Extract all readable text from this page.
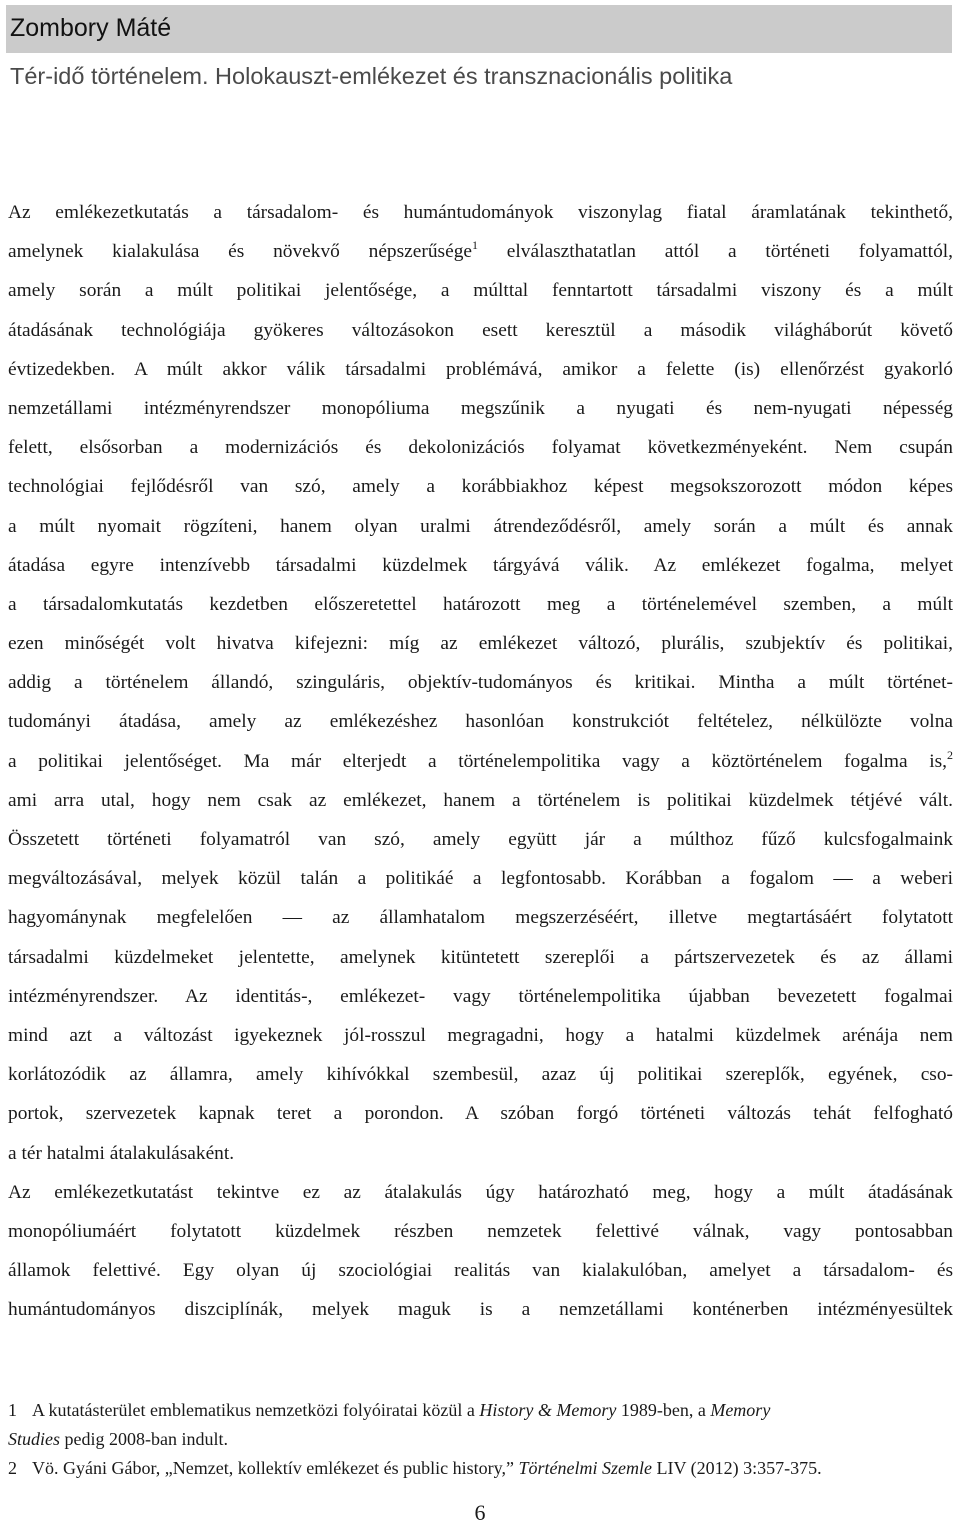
Zombory Máté
Tér-idő történelem. Holokauszt-emlékezet és transznacionális politika
Az emlékezetkutatás a társadalom- és humántudományok viszonylag fiatal áramlatának tekinthető,
amelynek kialakulása és növekvő népszerűsége$^1$ elválaszthatatlan attól a történeti folyamattól,
amely során a múlt politikai jelentősége, a múlttal fenntartott társadalmi viszony és a múlt
átadásának technológiája gyökeres változásokon esett keresztül a második világháborút követő
évtizedekben. A múlt akkor válik társadalmi problémává, amikor a felette (is) ellenőrzést gyakorló
nemzetállami intézményrendszer monopóliuma megszűnik a nyugati és nem-nyugati népesség
felett, elsősorban a modernizációs és dekolonizációs folyamat következményeként. Nem csupán
technológiai fejlődésről van szó, amely a korábbiakhoz képest megsokszorozott módon képes
a múlt nyomait rögzíteni, hanem olyan uralmi átrendeződésről, amely során a múlt és annak
átadása egyre intenzívebb társadalmi küzdelmek tárgyává válik. Az emlékezet fogalma, melyet
a társadalomkutatás kezdetben előszeretettel határozott meg a történelemével szemben, a múlt
ezen minőségét volt hivatva kifejezni: míg az emlékezet változó, plurális, szubjektív és politikai,
addig a történelem állandó, szinguláris, objektív-tudományos és kritikai. Mintha a múlt történet-
tudományi átadása, amely az emlékezéshez hasonlóan konstrukciót feltételez, nélkülözte volna
a politikai jelentőséget. Ma már elterjedt a történelempolitika vagy a köztörténelem fogalma is,$^2$
ami arra utal, hogy nem csak az emlékezet, hanem a történelem is politikai küzdelmek tétjévé vált.
Összetett történeti folyamatról van szó, amely együtt jár a múlthoz fűző kulcsfogalmaink
megváltozásával, melyek közül talán a politikáé a legfontosabb. Korábban a fogalom — a weberi
hagyománynak megfelelően — az államhatalom megszerzéséért, illetve megtartásáért folytatott
társadalmi küzdelmeket jelentette, amelynek kitüntetett szereplői a pártszervezetek és az állami
intézményrendszer. Az identitás-, emlékezet- vagy történelempolitika újabban bevezetett fogalmai
mind azt a változást igyekeznek jól-rosszul megragadni, hogy a hatalmi küzdelmek arénája nem
korlátozódik az államra, amely kihívókkal szembesül, azaz új politikai szereplők, egyének, cso-
portok, szervezetek kapnak teret a porondon. A szóban forgó történeti változás tehát felfogható
a tér hatalmi átalakulásaként.
Az emlékezetkutatást tekintve ez az átalakulás úgy határozható meg, hogy a múlt átadásának
monopóliumáért folytatott küzdelmek részben nemzetek felettivé válnak, vagy pontosabban
államok felettivé. Egy olyan új szociológiai realitás van kialakulóban, amelyet a társadalom- és
humántudományos diszciplínák, melyek maguk is a nemzetállami konténerben intézményesültek
1 A kutatásterület emblematikus nemzetközi folyóiratai közül a History & Memory 1989-ben, a Memory
Studies pedig 2008-ban indult.
2 Vö. Gyáni Gábor, „Nemzet, kollektív emlékezet és public history,” Történelmi Szemle LIV (2012) 3:357-375.
6
